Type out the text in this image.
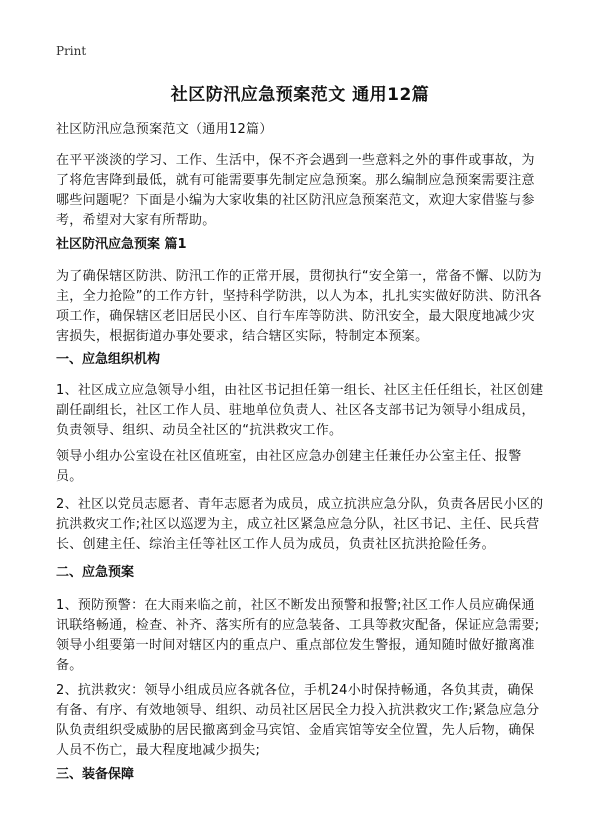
Print
社区防汛应急预案范文 通用12篇

社区防汛应急预案范文（通用12篇）

在平平淡淡的学习、工作、生活中，保不齐会遇到一些意料之外的事件或事故，为了将危害降到最低，就有可能需要事先制定应急预案。那么编制应急预案需要注意哪些问题呢？下面是小编为大家收集的社区防汛应急预案范文，欢迎大家借鉴与参考，希望对大家有所帮助。

社区防汛应急预案 篇1

为了确保辖区防洪、防汛工作的正常开展，贯彻执行“安全第一，常备不懈、以防为主，全力抢险”的工作方针，坚持科学防洪，以人为本，扎扎实实做好防洪、防汛各项工作，确保辖区老旧居民小区、自行车库等防洪、防汛安全，最大限度地减少灾害损失，根据街道办事处要求，结合辖区实际，特制定本预案。

一、应急组织机构

1、社区成立应急领导小组，由社区书记担任第一组长、社区主任任组长，社区创建副任副组长，社区工作人员、驻地单位负责人、社区各支部书记为领导小组成员，负责领导、组织、动员全社区的“抗洪救灾工作。

领导小组办公室设在社区值班室，由社区应急办创建主任兼任办公室主任、报警员。

2、社区以党员志愿者、青年志愿者为成员，成立抗洪应急分队，负责各居民小区的抗洪救灾工作;社区以巡逻为主，成立社区紧急应急分队，社区书记、主任、民兵营长、创建主任、综治主任等社区工作人员为成员，负责社区抗洪抢险任务。

二、应急预案

1、预防预警：在大雨来临之前，社区不断发出预警和报警;社区工作人员应确保通讯联络畅通，检查、补齐、落实所有的应急装备、工具等救灾配备，保证应急需要;领导小组要第一时间对辖区内的重点户、重点部位发生警报，通知随时做好撤离准备。

2、抗洪救灾：领导小组成员应各就各位，手机24小时保持畅通，各负其责，确保有备、有序、有效地领导、组织、动员社区居民全力投入抗洪救灾工作;紧急应急分队负责组织受威胁的居民撤离到金马宾馆、金盾宾馆等安全位置，先人后物，确保人员不伤亡，最大程度地减少损失;

三、装备保障
